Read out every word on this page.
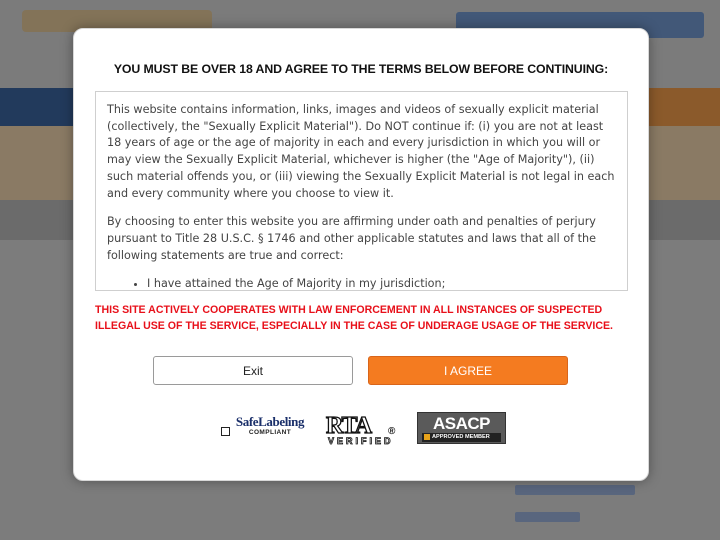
YOU MUST BE OVER 18 AND AGREE TO THE TERMS BELOW BEFORE CONTINUING:

This website contains information, links, images and videos of sexually explicit material (collectively, the "Sexually Explicit Material"). Do NOT continue if: (i) you are not at least 18 years of age or the age of majority in each and every jurisdiction in which you will or may view the Sexually Explicit Material, whichever is higher (the "Age of Majority"), (ii) such material offends you, or (iii) viewing the Sexually Explicit Material is not legal in each and every community where you choose to view it.

By choosing to enter this website you are affirming under oath and penalties of perjury pursuant to Title 28 U.S.C. § 1746 and other applicable statutes and laws that all of the following statements are true and correct:

• I have attained the Age of Majority in my jurisdiction;
THIS SITE ACTIVELY COOPERATES WITH LAW ENFORCEMENT IN ALL INSTANCES OF SUSPECTED ILLEGAL USE OF THE SERVICE, ESPECIALLY IN THE CASE OF UNDERAGE USAGE OF THE SERVICE.
Exit	I AGREE
SafeLabeling
COMPLIANT	RTA ®
VERIFIED
ASACP
APPROVED MEMBER
